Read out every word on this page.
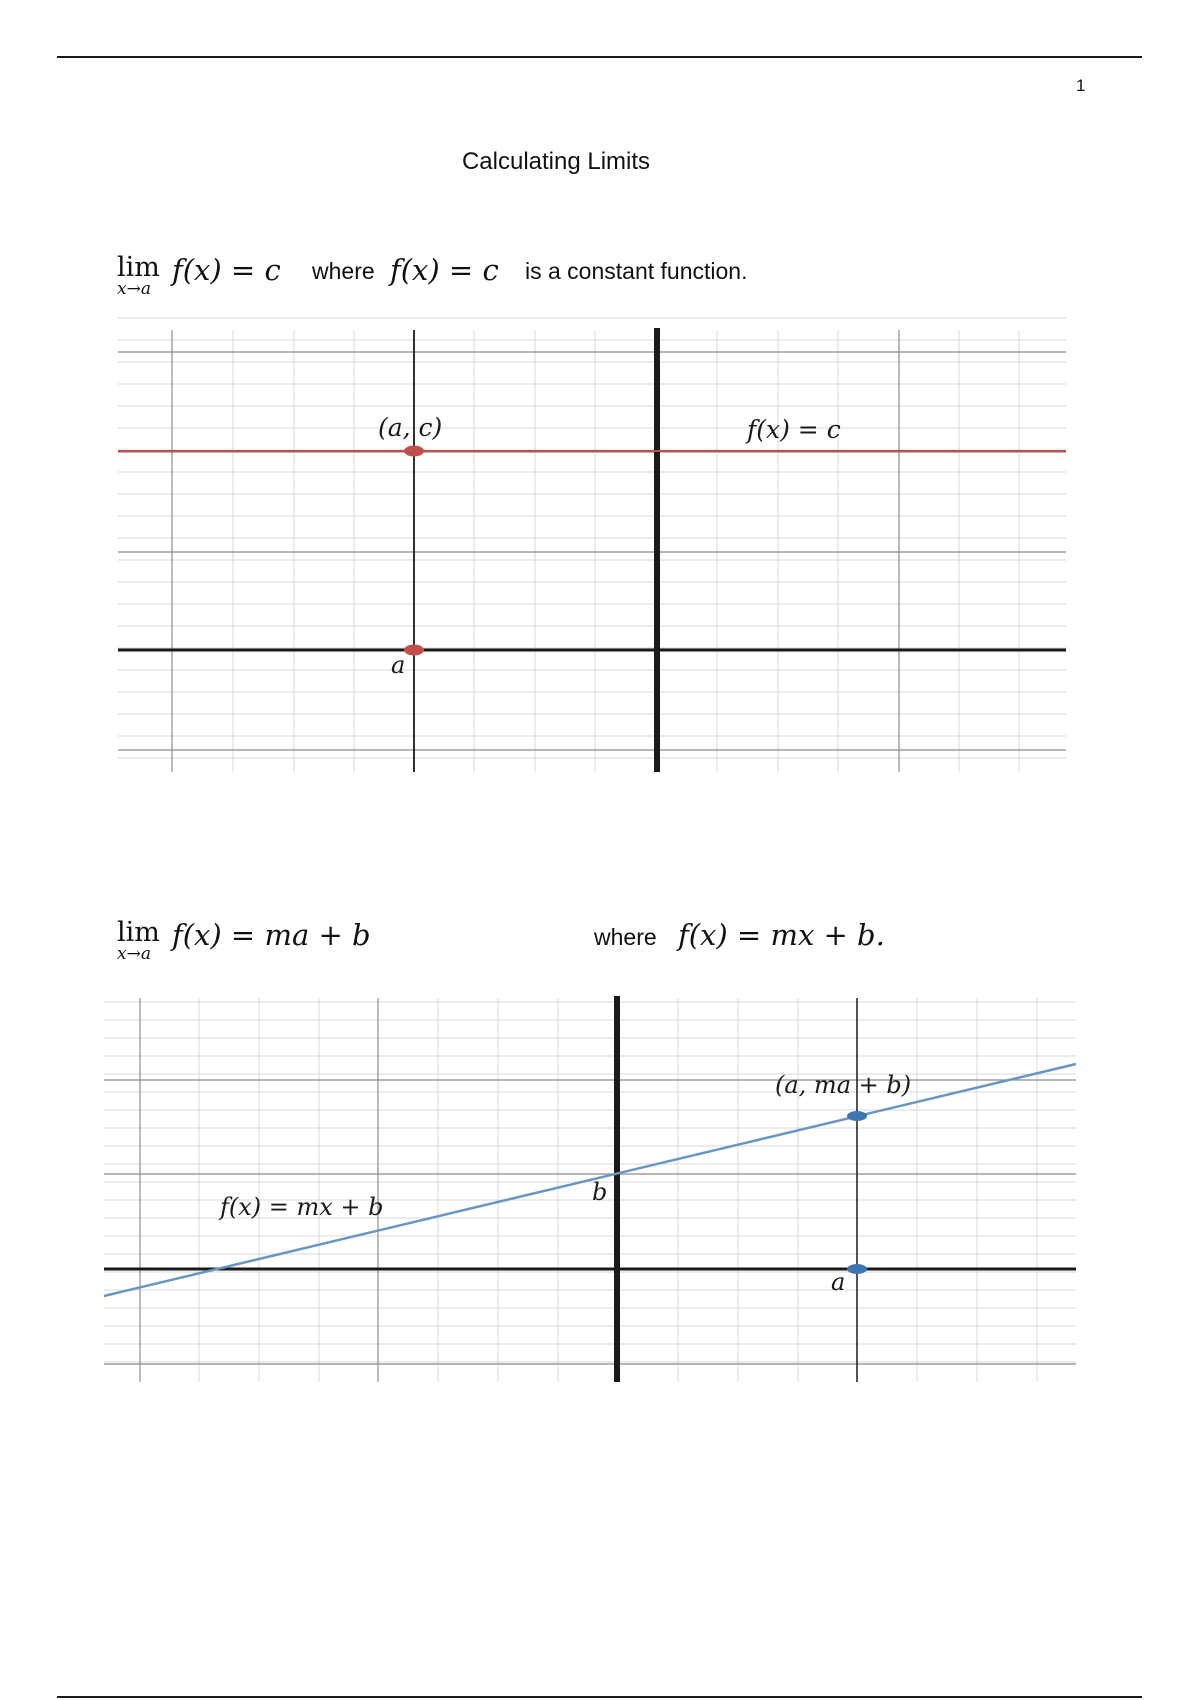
1
Calculating Limits
lim
x→a
f(x) = c where f(x) = c is a constant function.
(a, c)	f(x) = c
a
lim
x→a
f(x) = ma + b	where f(x) = mx + b.
(a, ma + b)
f(x) = mx + b
b
a
